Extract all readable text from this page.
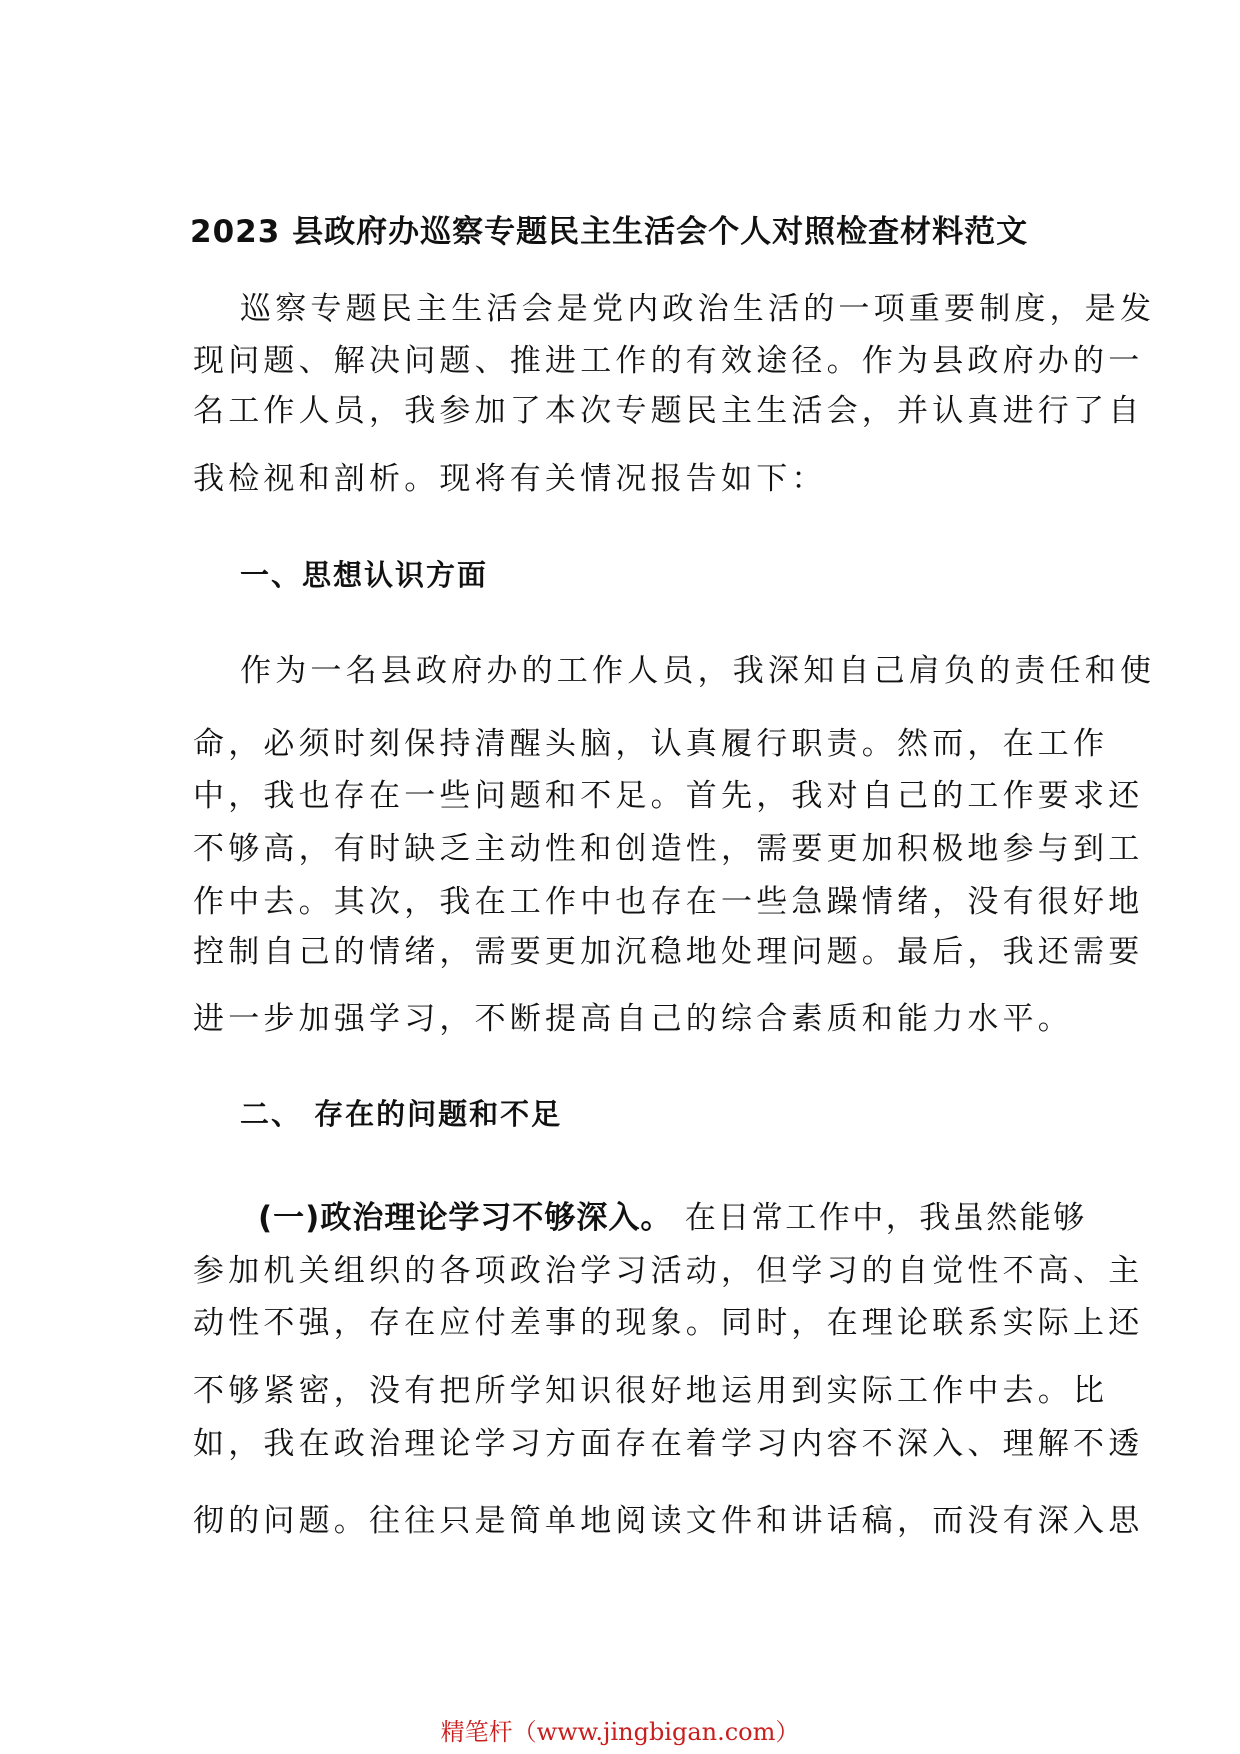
2023 县政府办巡察专题民主生活会个人对照检查材料范文
巡察专题民主生活会是党内政治生活的一项重要制度，是发
现问题、解决问题、推进工作的有效途径。作为县政府办的一
名工作人员，我参加了本次专题民主生活会，并认真进行了自
我检视和剖析。现将有关情况报告如下：
一、思想认识方面
作为一名县政府办的工作人员，我深知自己肩负的责任和使
命，必须时刻保持清醒头脑，认真履行职责。然而，在工作
中，我也存在一些问题和不足。首先，我对自己的工作要求还
不够高，有时缺乏主动性和创造性，需要更加积极地参与到工
作中去。其次，我在工作中也存在一些急躁情绪，没有很好地
控制自己的情绪，需要更加沉稳地处理问题。最后，我还需要
进一步加强学习，不断提高自己的综合素质和能力水平。
二、 存在的问题和不足
(一)政治理论学习不够深入。 在日常工作中，我虽然能够
参加机关组织的各项政治学习活动，但学习的自觉性不高、主
动性不强，存在应付差事的现象。同时，在理论联系实际上还
不够紧密，没有把所学知识很好地运用到实际工作中去。比
如，我在政治理论学习方面存在着学习内容不深入、理解不透
彻的问题。往往只是简单地阅读文件和讲话稿，而没有深入思
精笔杆（www.jingbigan.com）
